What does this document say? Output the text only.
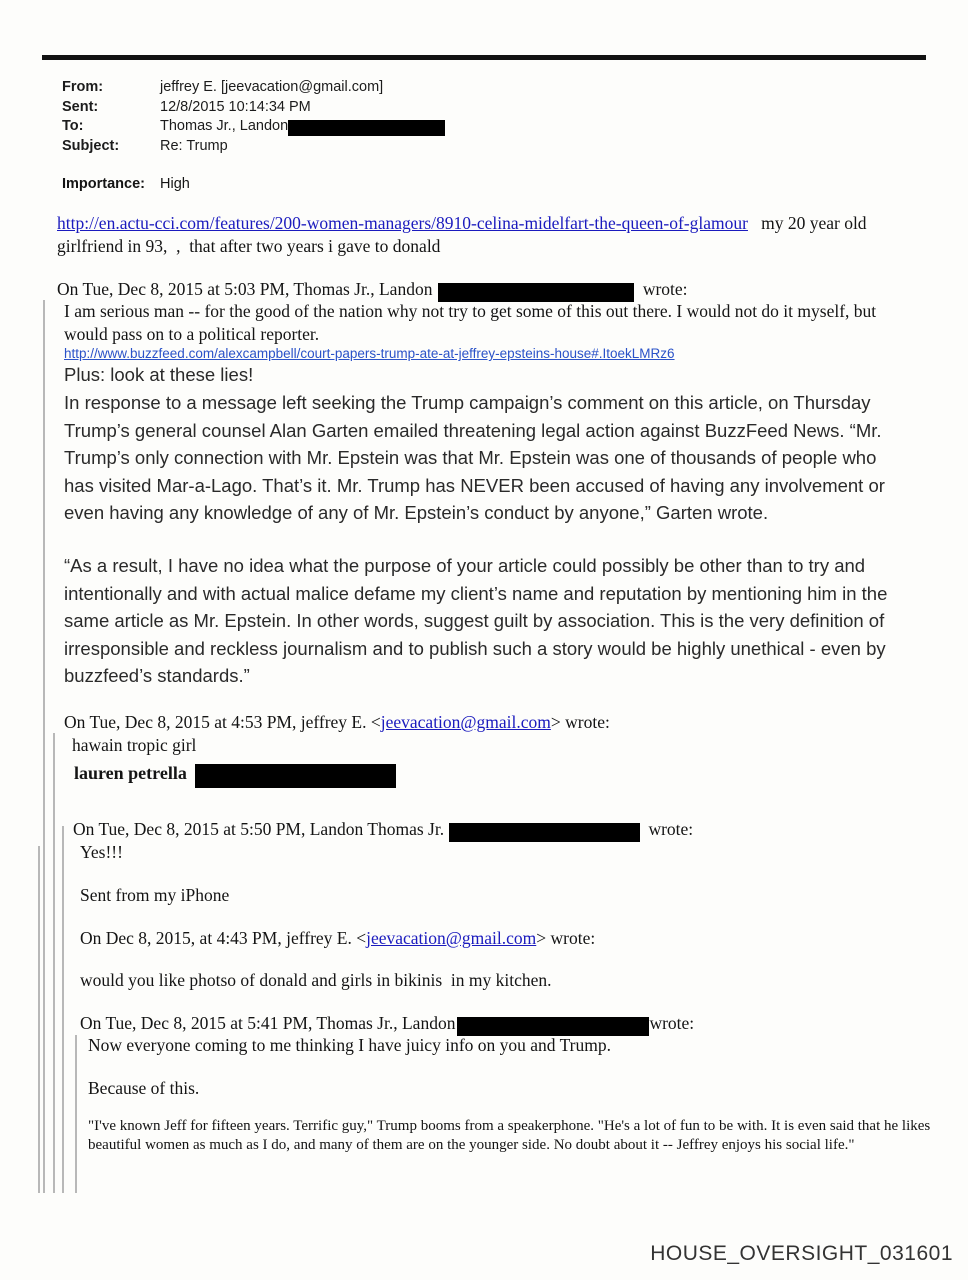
From:	jeffrey E. [jeevacation@gmail.com]
Sent:	12/8/2015 10:14:34 PM
To:	Thomas Jr., Landon
Subject:	Re: Trump
Importance: High
http://en.actu-cci.com/features/200-women-managers/8910-celina-midelfart-the-queen-of-glamour   my 20 year old girlfriend in 93,  ,  that after two years i gave to donald
On Tue, Dec 8, 2015 at 5:03 PM, Thomas Jr., Landon	wrote:
I am serious man -- for the good of the nation why not try to get some of this out there. I would not do it myself, but would pass on to a political reporter.
http://www.buzzfeed.com/alexcampbell/court-papers-trump-ate-at-jeffrey-epsteins-house#.ItoekLMRz6
Plus: look at these lies!
In response to a message left seeking the Trump campaign’s comment on this article, on Thursday Trump’s general counsel Alan Garten emailed threatening legal action against BuzzFeed News. “Mr. Trump’s only connection with Mr. Epstein was that Mr. Epstein was one of thousands of people who has visited Mar-a-Lago. That’s it. Mr. Trump has NEVER been accused of having any involvement or even having any knowledge of any of Mr. Epstein’s conduct by anyone,” Garten wrote.
“As a result, I have no idea what the purpose of your article could possibly be other than to try and intentionally and with actual malice defame my client’s name and reputation by mentioning him in the same article as Mr. Epstein. In other words, suggest guilt by association. This is the very definition of irresponsible and reckless journalism and to publish such a story would be highly unethical - even by buzzfeed’s standards.”
On Tue, Dec 8, 2015 at 4:53 PM, jeffrey E. <jeevacation@gmail.com> wrote:
hawain tropic girl
lauren petrella
On Tue, Dec 8, 2015 at 5:50 PM, Landon Thomas Jr.	wrote:
Yes!!!
Sent from my iPhone
On Dec 8, 2015, at 4:43 PM, jeffrey E. <jeevacation@gmail.com> wrote:
would you like photso of donald and girls in bikinis  in my kitchen.
On Tue, Dec 8, 2015 at 5:41 PM, Thomas Jr., Landon	wrote:
Now everyone coming to me thinking I have juicy info on you and Trump.
Because of this.
"I've known Jeff for fifteen years. Terrific guy," Trump booms from a speakerphone. "He's a lot of fun to be with. It is even said that he likes beautiful women as much as I do, and many of them are on the younger side. No doubt about it -- Jeffrey enjoys his social life."
HOUSE_OVERSIGHT_031601
